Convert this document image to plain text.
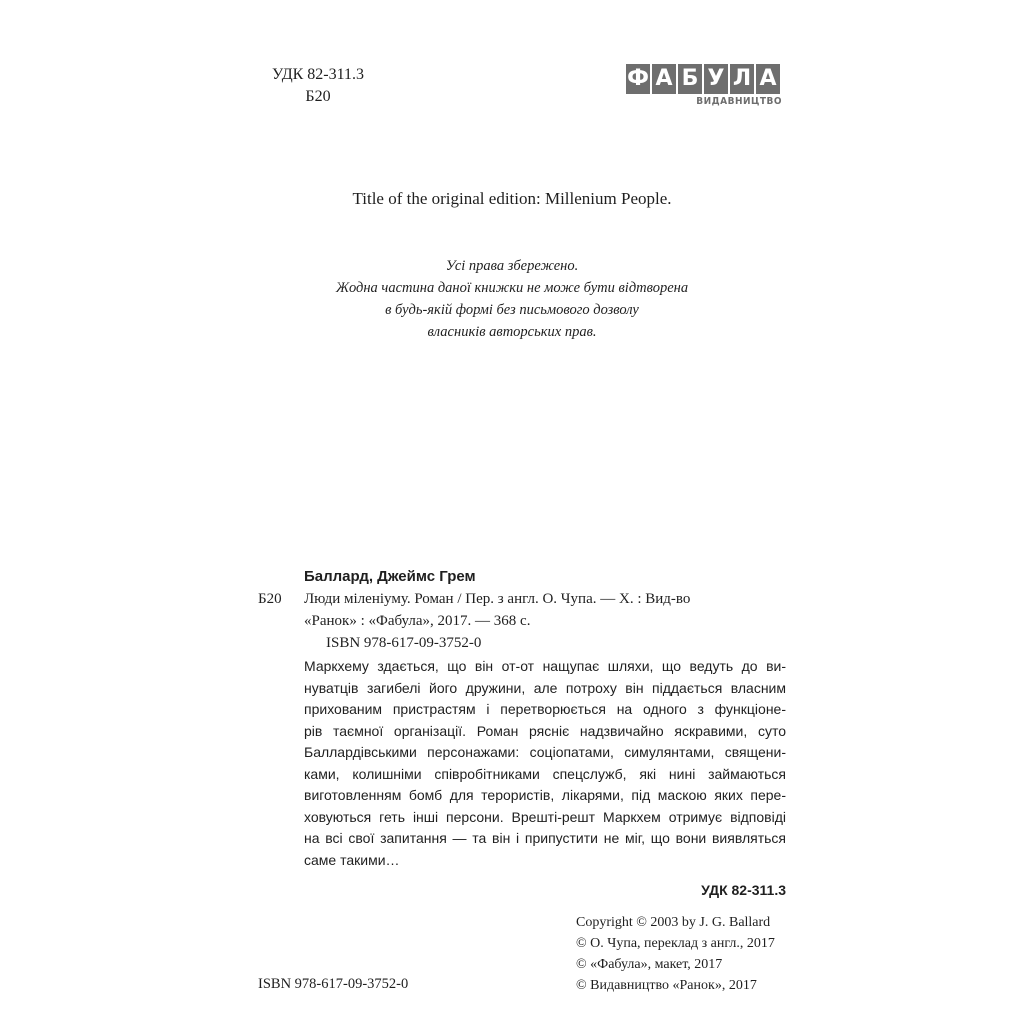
УДК 82-311.3
Б20
Ф А Б У Л А
ВИДАВНИЦТВО
Title of the original edition: Millenium People.
Усі права збережено.
Жодна частина даної книжки не може бути відтворена
в будь-якій формі без письмового дозволу
власників авторських прав.
Баллард, Джеймс Грем
Б20 Люди міленіуму. Роман / Пер. з англ. О. Чупа. — Х. : Вид-во
«Ранок» : «Фабула», 2017. — 368 с.
ISBN 978-617-09-3752-0
Маркхему здається, що він от-от нащупає шляхи, що ведуть до ви-
нуватців загибелі його дружини, але потроху він піддається власним
прихованим пристрастям і перетворюється на одного з функціоне-
рів таємної організації. Роман рясніє надзвичайно яскравими, суто
Баллардівськими персонажами: соціопатами, симулянтами, священи-
ками, колишніми співробітниками спецслужб, які нині займаються
виготовленням бомб для терористів, лікарями, під маскою яких пере-
ховуються геть інші персони. Врешті-решт Маркхем отримує відповіді
на всі свої запитання — та він і припустити не міг, що вони виявляться
саме такими…
УДК 82-311.3
Copyright © 2003 by J. G. Ballard
© О. Чупа, переклад з англ., 2017
© «Фабула», макет, 2017
© Видавництво «Ранок», 2017
ISBN 978-617-09-3752-0
